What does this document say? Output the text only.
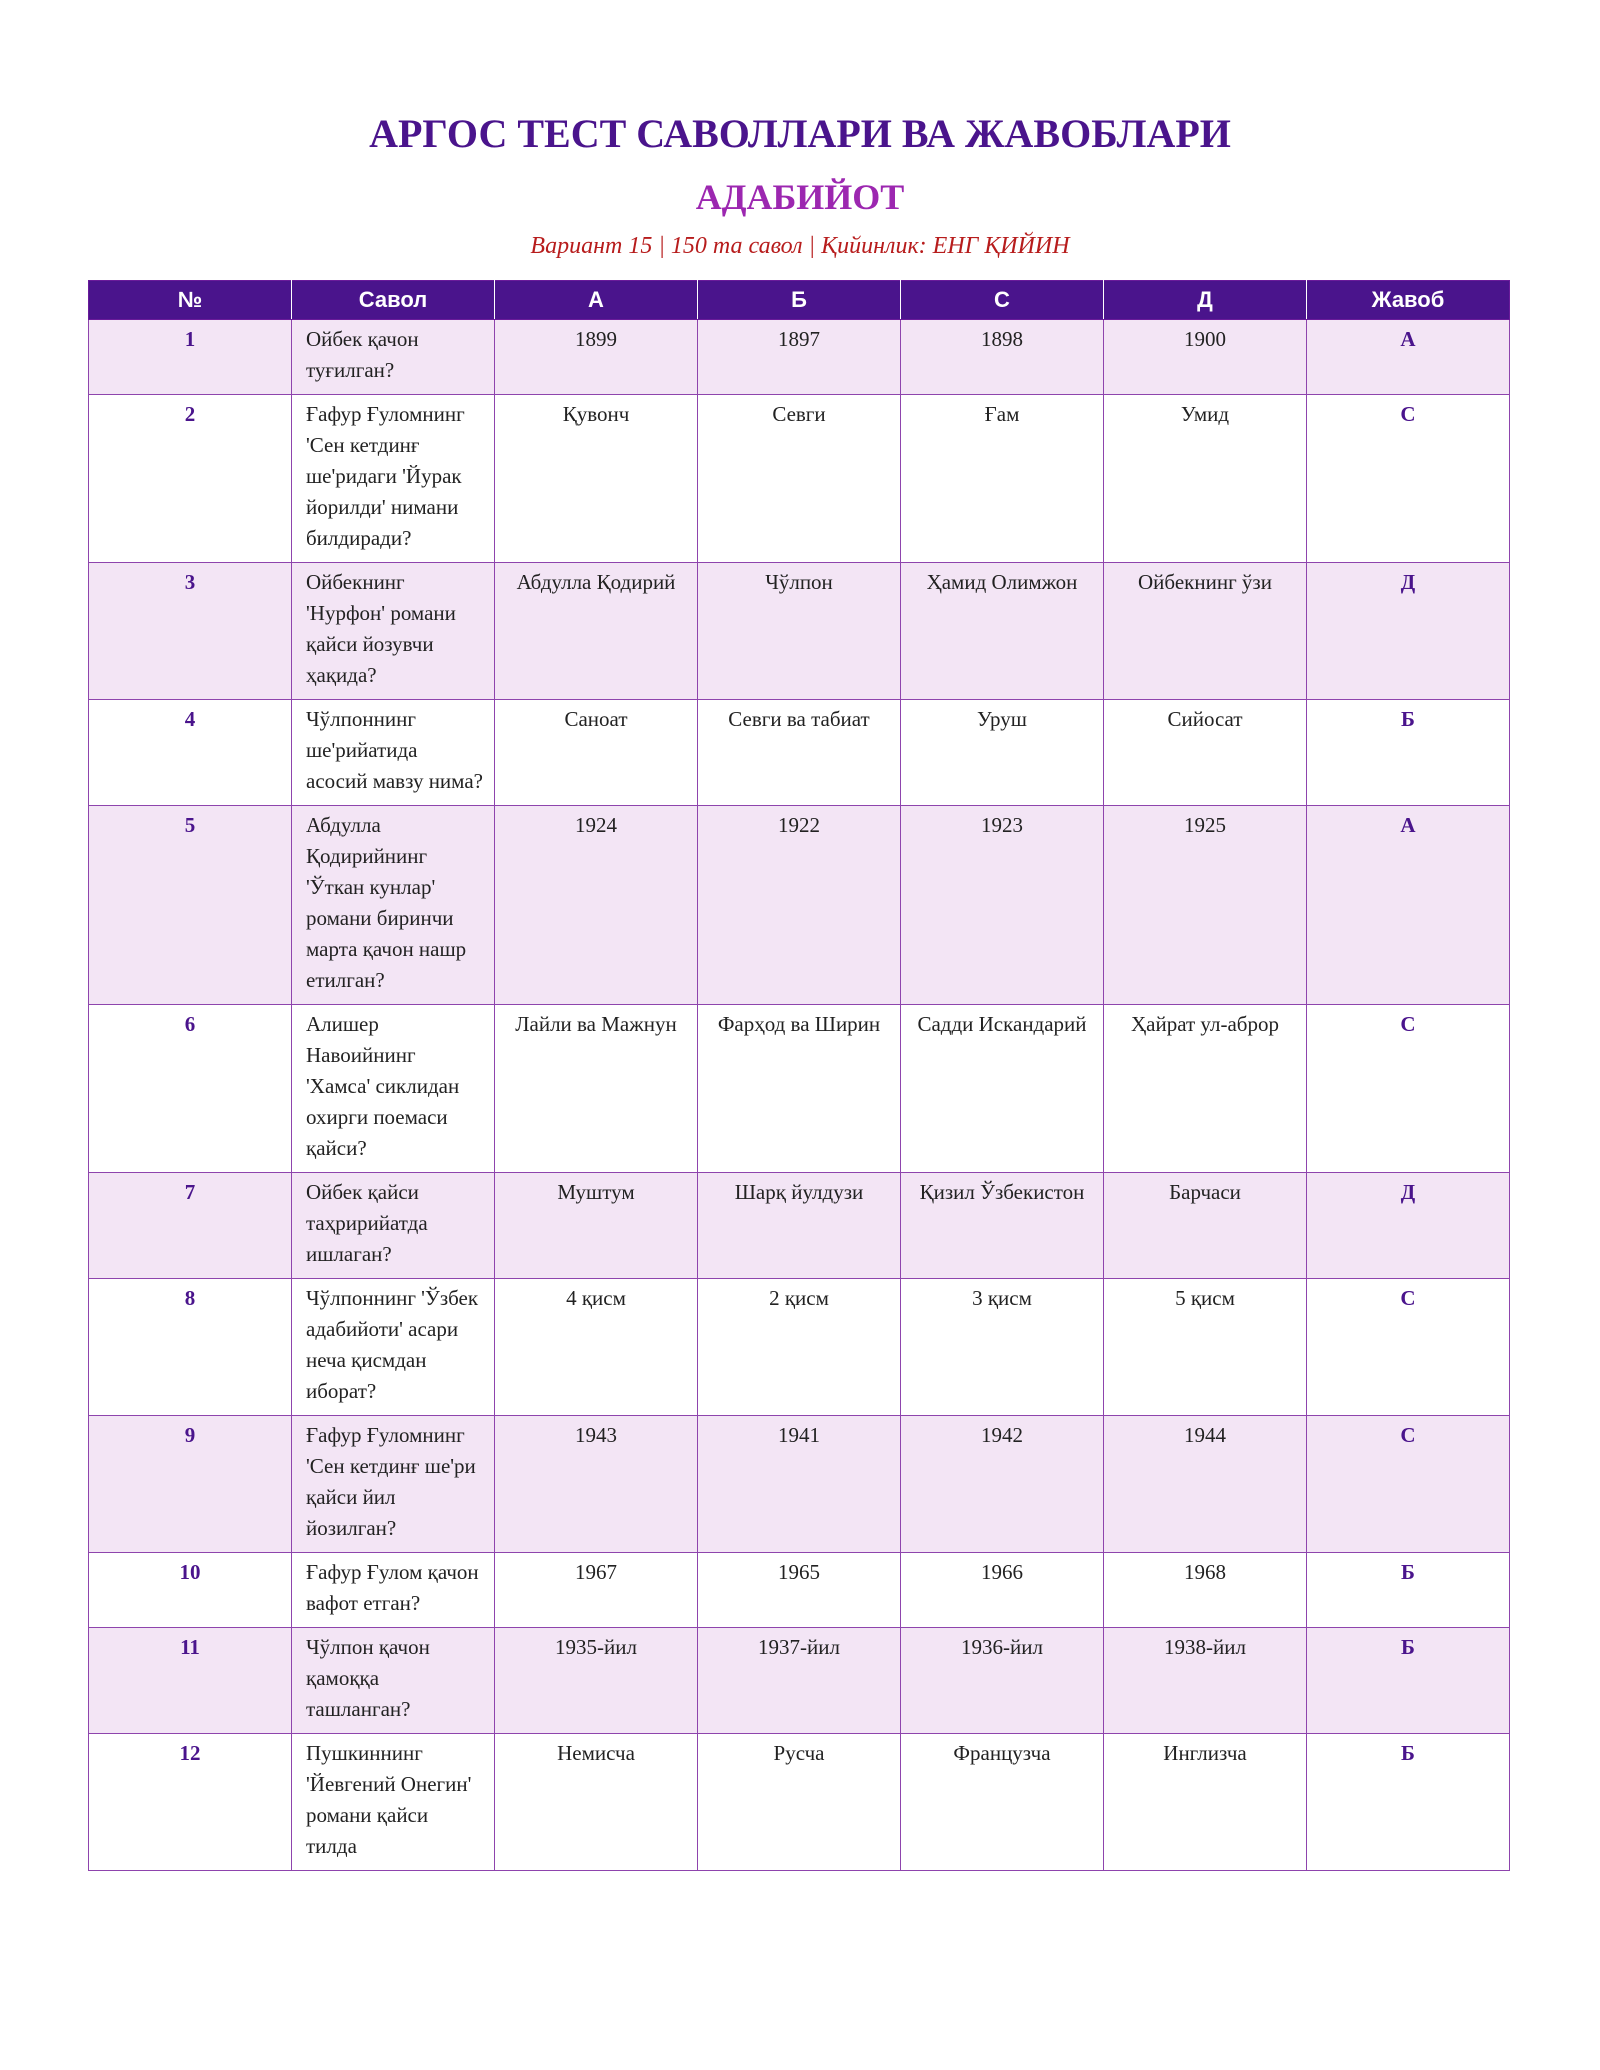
АРГОС ТЕСТ САВОЛЛАРИ ВА ЖАВОБЛАРИ
АДАБИЙОТ
Вариант 15 | 150 та савол | Қийинлик: ЕНГ ҚИЙИН
№	Савол	А	Б	С	Д	Жавоб
1	Ойбек қачон туғилган?	1899	1897	1898	1900	А
2	Ғафур Ғуломнинг 'Сен кетдинғ ше'ридаги 'Йурак йорилди' нимани билдиради?	Қувонч	Севги	Ғам	Умид	С
3	Ойбекнинг 'Нурфон' романи қайси йозувчи ҳақида?	Абдулла Қодирий	Чўлпон	Ҳамид Олимжон	Ойбекнинг ўзи	Д
4	Чўлпоннинг ше'рийатида асосий мавзу нима?	Саноат	Севги ва табиат	Уруш	Сийосат	Б
5	Абдулла Қодирийнинг 'Ўткан кунлар' романи биринчи марта қачон нашр етилган?	1924	1922	1923	1925	А
6	Алишер Навоийнинг 'Хамса' сиклидан охирги поемаси қайси?	Лайли ва Мажнун	Фарҳод ва Ширин	Садди Искандарий	Ҳайрат ул-аброр	С
7	Ойбек қайси таҳририйатда ишлаган?	Муштум	Шарқ йулдузи	Қизил Ўзбекистон	Барчаси	Д
8	Чўлпоннинг 'Ўзбек адабийоти' асари неча қисмдан иборат?	4 қисм	2 қисм	3 қисм	5 қисм	С
9	Ғафур Ғуломнинг 'Сен кетдинғ ше'ри қайси йил йозилган?	1943	1941	1942	1944	С
10	Ғафур Ғулом қачон вафот етган?	1967	1965	1966	1968	Б
11	Чўлпон қачон қамоққа ташланган?	1935-йил	1937-йил	1936-йил	1938-йил	Б
12	Пушкиннинг 'Йевгений Онегин' романи қайси тилда	Немисча	Русча	Французча	Инглизча	Б
